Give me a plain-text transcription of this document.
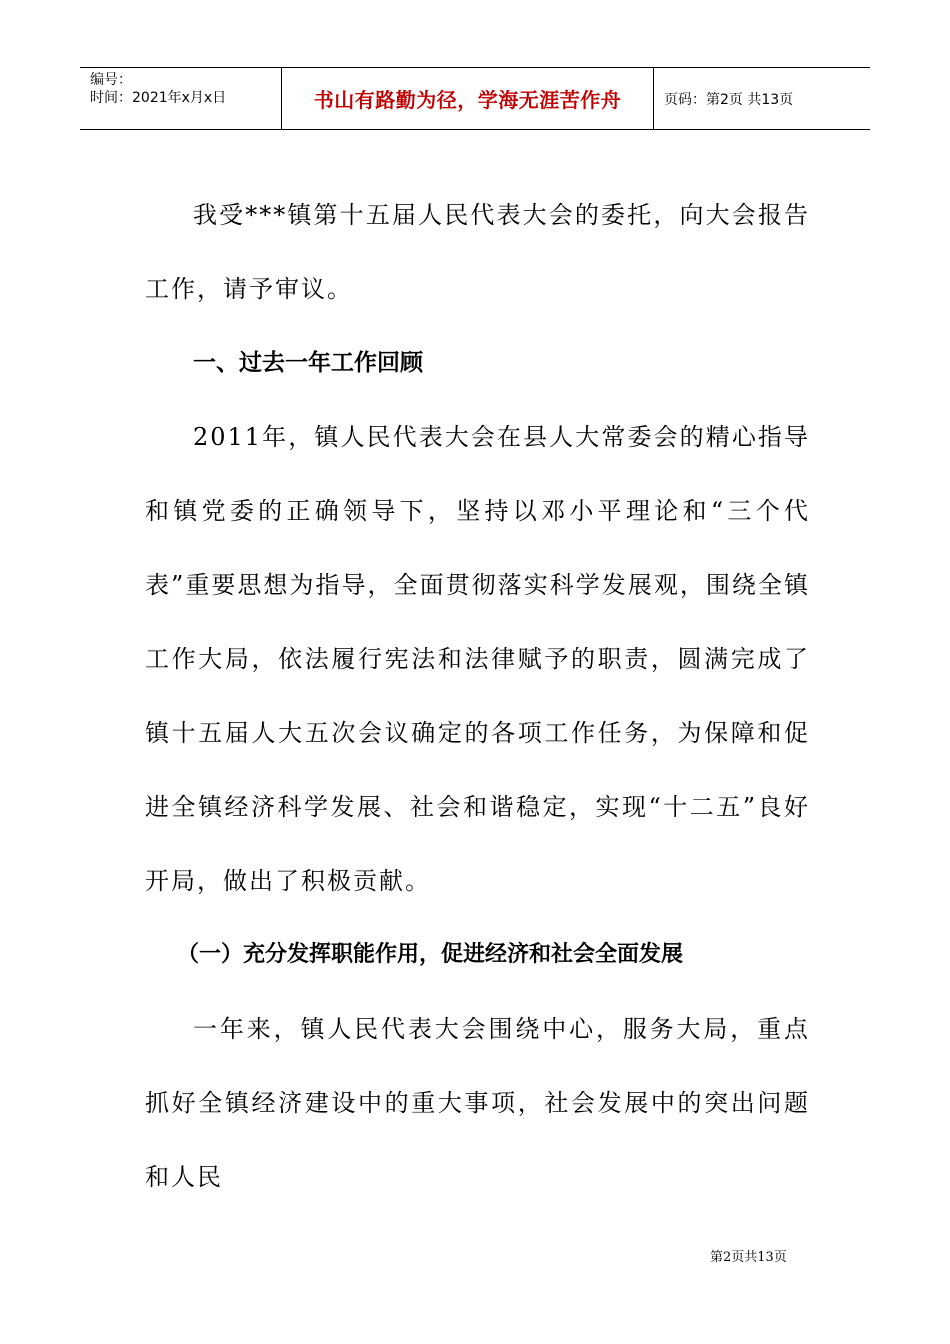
编号：
时间：2021年x月x日	书山有路勤为径，学海无涯苦作舟	页码：第2页 共13页

我受***镇第十五届人民代表大会的委托，向大会报告工作，请予审议。

一、过去一年工作回顾

2011年，镇人民代表大会在县人大常委会的精心指导和镇党委的正确领导下，坚持以邓小平理论和“三个代表”重要思想为指导，全面贯彻落实科学发展观，围绕全镇工作大局，依法履行宪法和法律赋予的职责，圆满完成了镇十五届人大五次会议确定的各项工作任务，为保障和促进全镇经济科学发展、社会和谐稳定，实现“十二五”良好开局，做出了积极贡献。

（一）充分发挥职能作用，促进经济和社会全面发展

一年来，镇人民代表大会围绕中心，服务大局，重点抓好全镇经济建设中的重大事项，社会发展中的突出问题和人民

第2页共13页
